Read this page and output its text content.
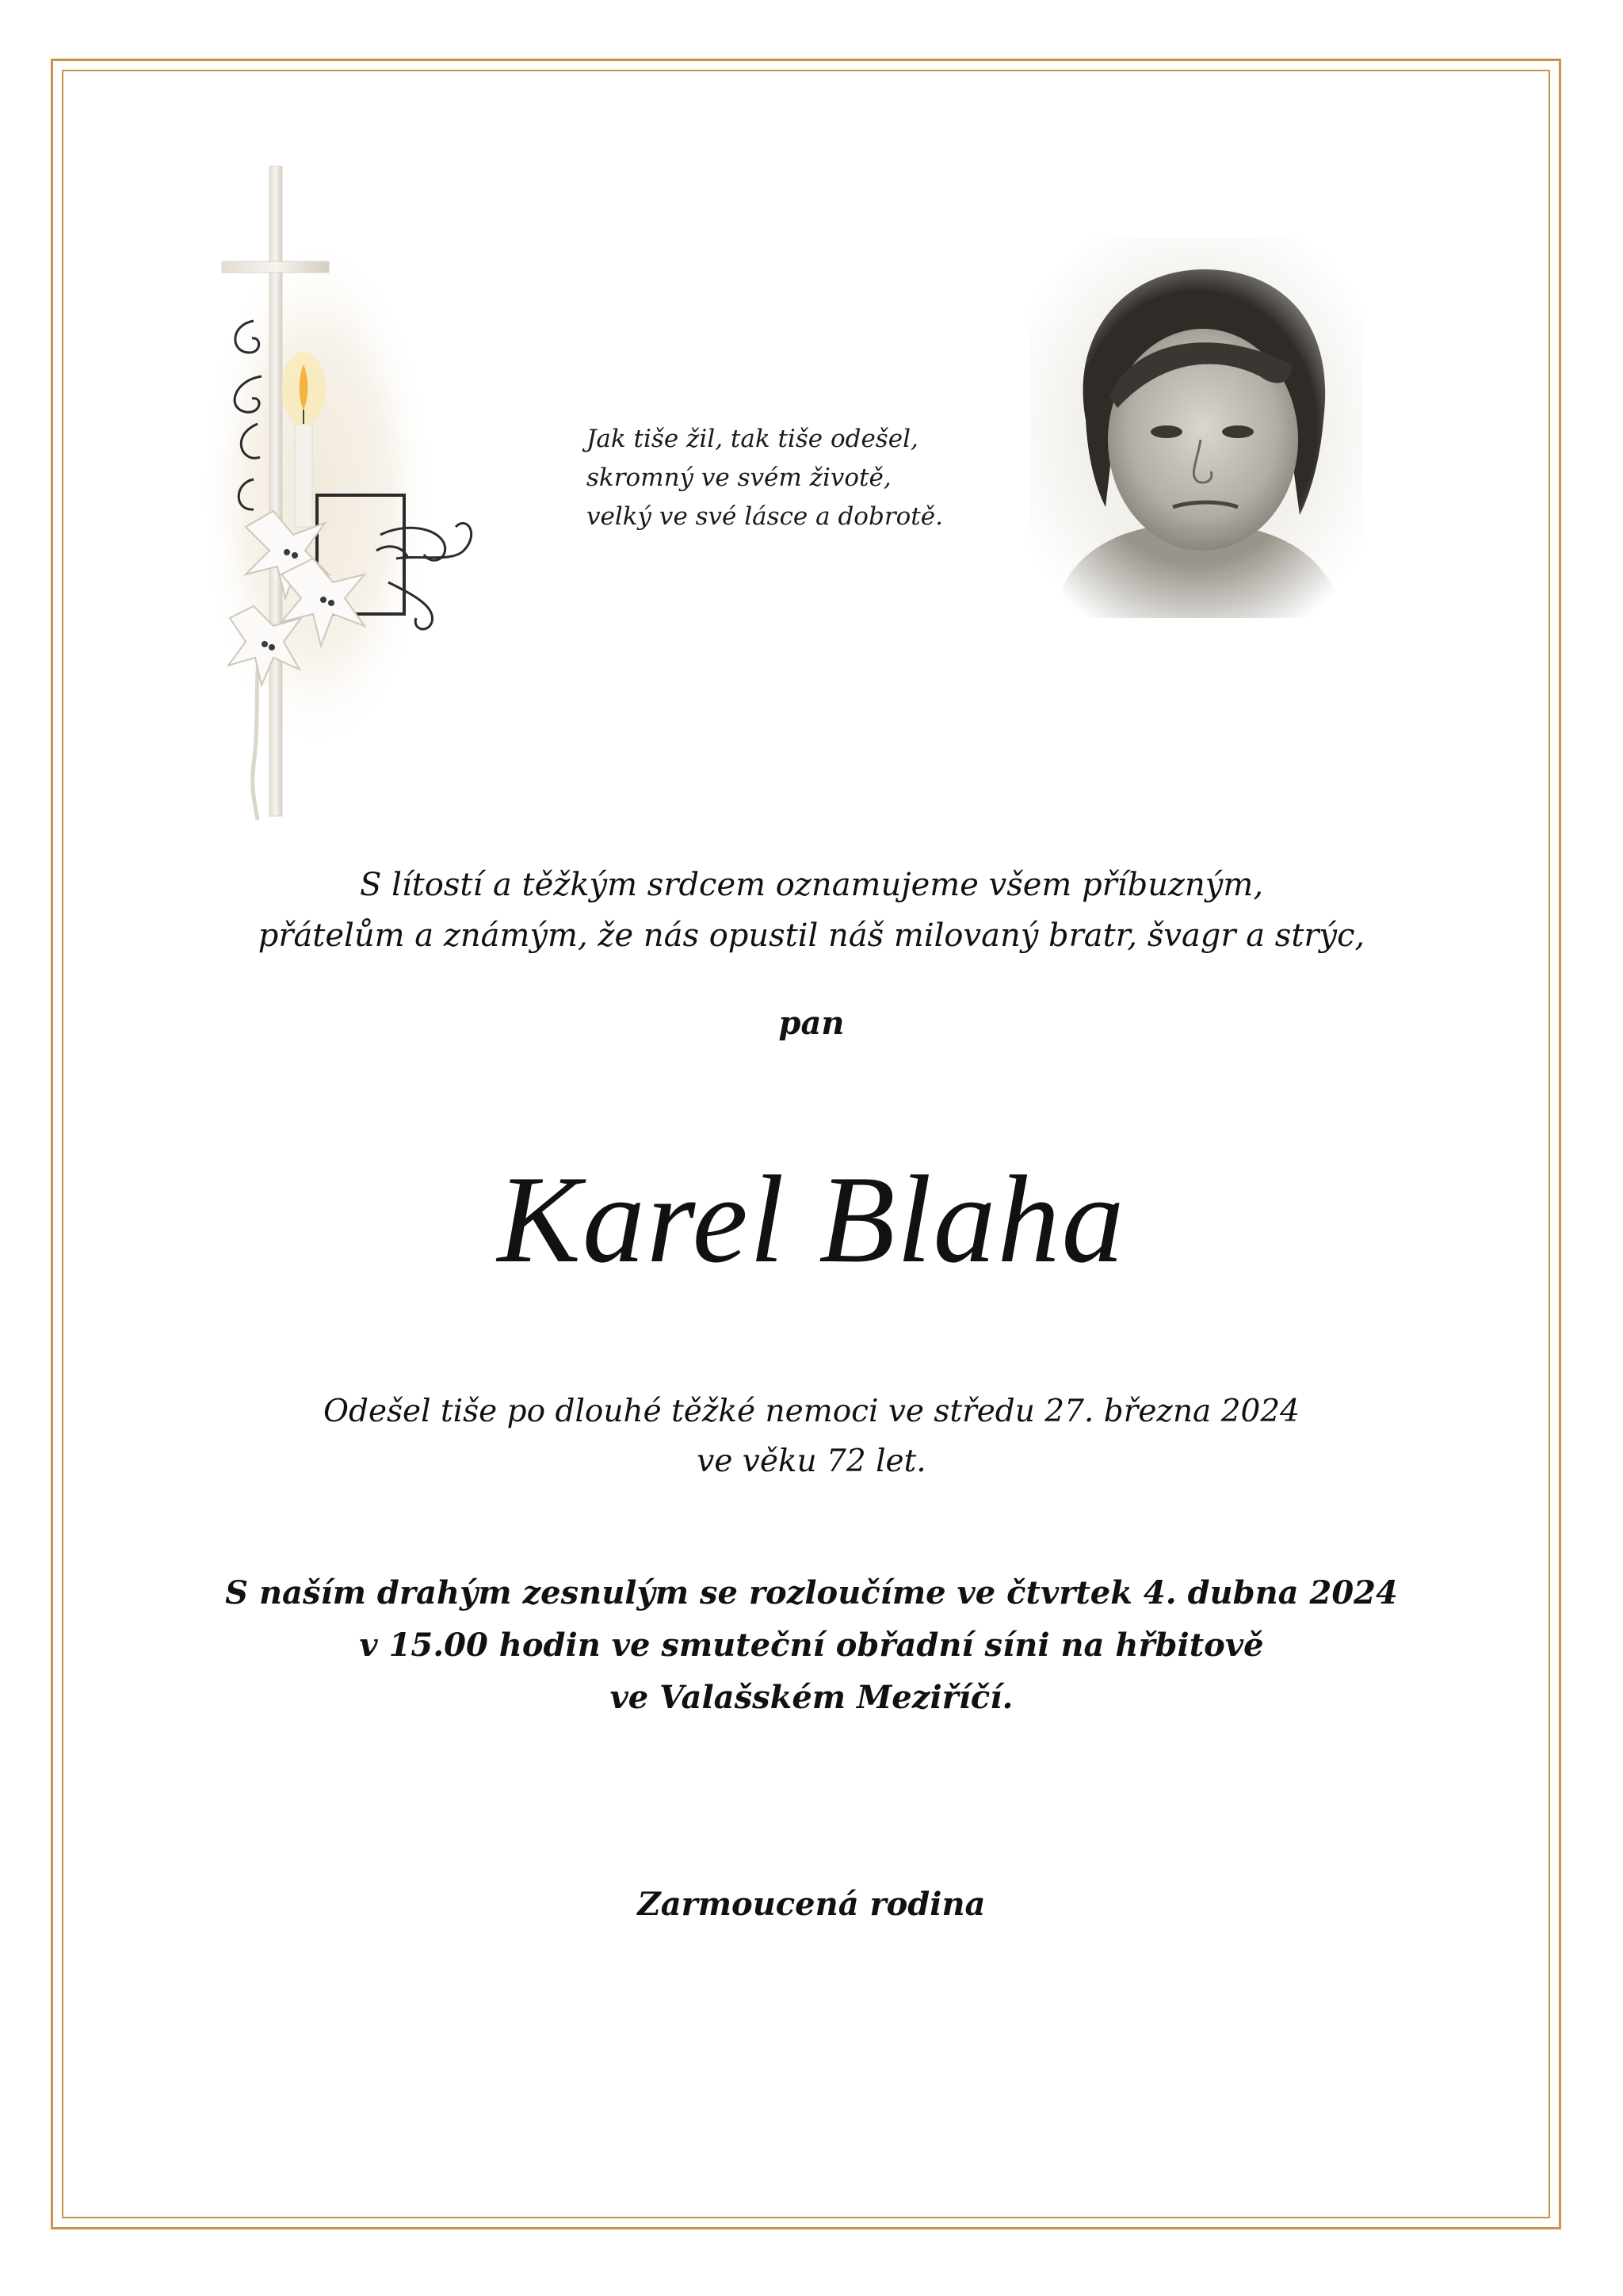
Jak tiše žil, tak tiše odešel,
skromný ve svém životě,
velký ve své lásce a dobrotě.
S lítostí a těžkým srdcem oznamujeme všem příbuzným,
přátelům a známým, že nás opustil náš milovaný bratr, švagr a strýc,
pan
Karel Blaha
Odešel tiše po dlouhé těžké nemoci ve středu 27. března 2024
ve věku 72 let.
S naším drahým zesnulým se rozloučíme ve čtvrtek 4. dubna 2024
v 15.00 hodin ve smuteční obřadní síni na hřbitově
ve Valašském Meziříčí.
Zarmoucená rodina
